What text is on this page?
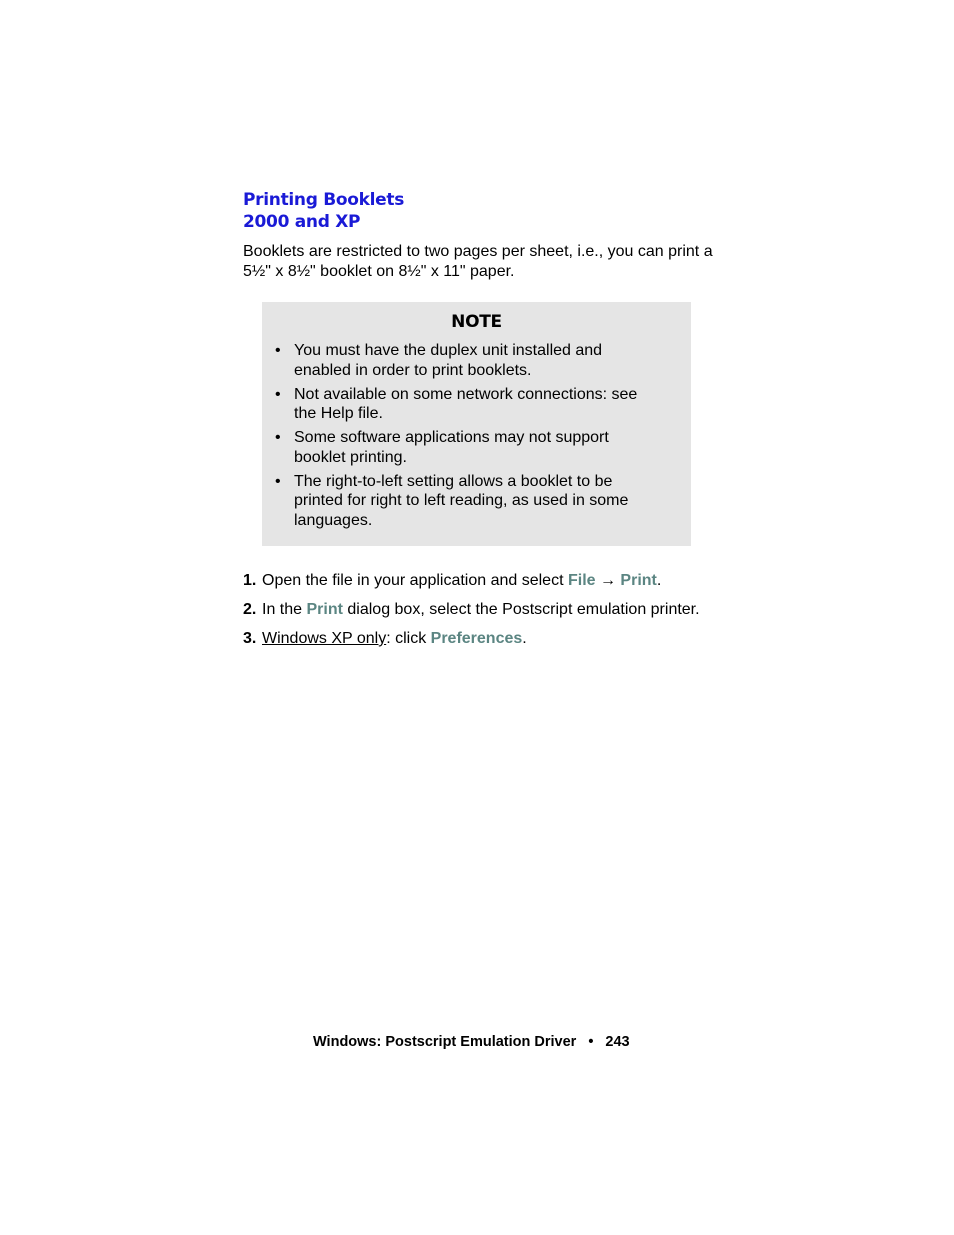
Printing Booklets
2000 and XP

Booklets are restricted to two pages per sheet, i.e., you can print a
5½" x 8½" booklet on 8½" x 11" paper.

NOTE
• You must have the duplex unit installed and
enabled in order to print booklets.
• Not available on some network connections: see
the Help file.
• Some software applications may not support
booklet printing.
• The right-to-left setting allows a booklet to be
printed for right to left reading, as used in some
languages.
1. Open the file in your application and select File → Print.
2. In the Print dialog box, select the Postscript emulation printer.
3. Windows XP only: click Preferences.

Windows: Postscript Emulation Driver • 243
